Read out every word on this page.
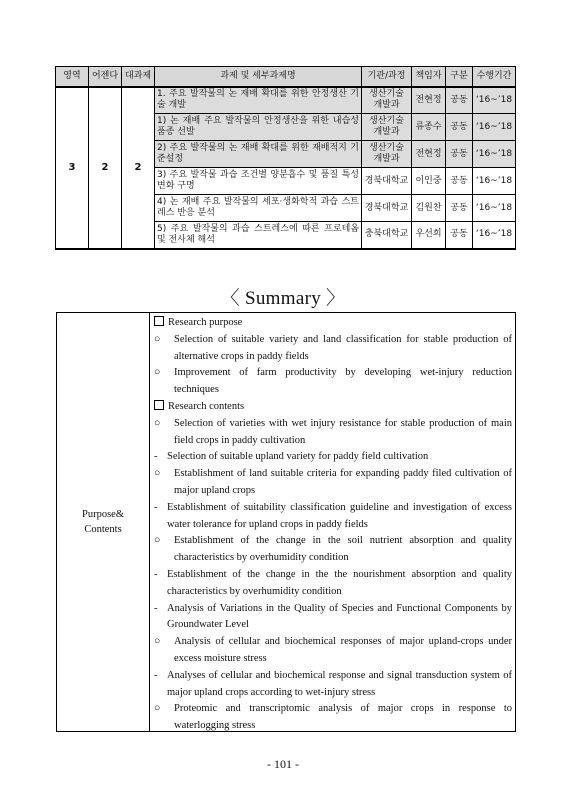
영역	어젠다	대과제	과제 및 세부과제명	기관/과정	책임자	구분	수행기간
3	2	2	1. 주요 발작물의 논 재배 확대를 위한 안정생산 기술 개발	생산기술 개발과	전현정	공동	‘16~’18
			1) 논 재배 주요 발작물의 안정생산을 위한 내습성 품종 선발	생산기술 개발과	류종수	공동	‘16~’18
			2) 주요 발작물의 논 재배 확대를 위한 재배적지 기준설정	생산기술 개발과	전현정	공동	‘16~’18
			3) 주요 발작물 과습 조건별 양분흡수 및 품질 특성 변화 구명	경북대학교	이인중	공동	‘16~’18
			4) 논 재배 주요 발작물의 세포·생화학적 과습 스트레스 반응 분석	경북대학교	김원찬	공동	‘16~’18
			5) 주요 발작물의 과습 스트레스에 따른 프로테옴 및 전사체 해석	충북대학교	우선희	공동	‘16~’18
〈 Summary 〉
Purpose&
Contents
Research purpose
○ Selection of suitable variety and land classification for stable production of alternative crops in paddy fields
○ Improvement of farm productivity by developing wet-injury reduction techniques
Research contents
○ Selection of varieties with wet injury resistance for stable production of main field crops in paddy cultivation
- Selection of suitable upland variety for paddy field cultivation
○ Establishment of land suitable criteria for expanding paddy filed cultivation of major upland crops
- Establishment of suitability classification guideline and investigation of excess water tolerance for upland crops in paddy fields
○ Establishment of the change in the soil nutrient absorption and quality characteristics by overhumidity condition
- Establishment of the change in the the nourishment absorption and quality characteristics by overhumidity condition
- Analysis of Variations in the Quality of Species and Functional Components by Groundwater Level
○ Analysis of cellular and biochemical responses of major upland-crops under excess moisture stress
- Analyses of cellular and biochemical response and signal transduction system of major upland crops according to wet-injury stress
○ Proteomic and transcriptomic analysis of major crops in response to waterlogging stress
- 101 -
